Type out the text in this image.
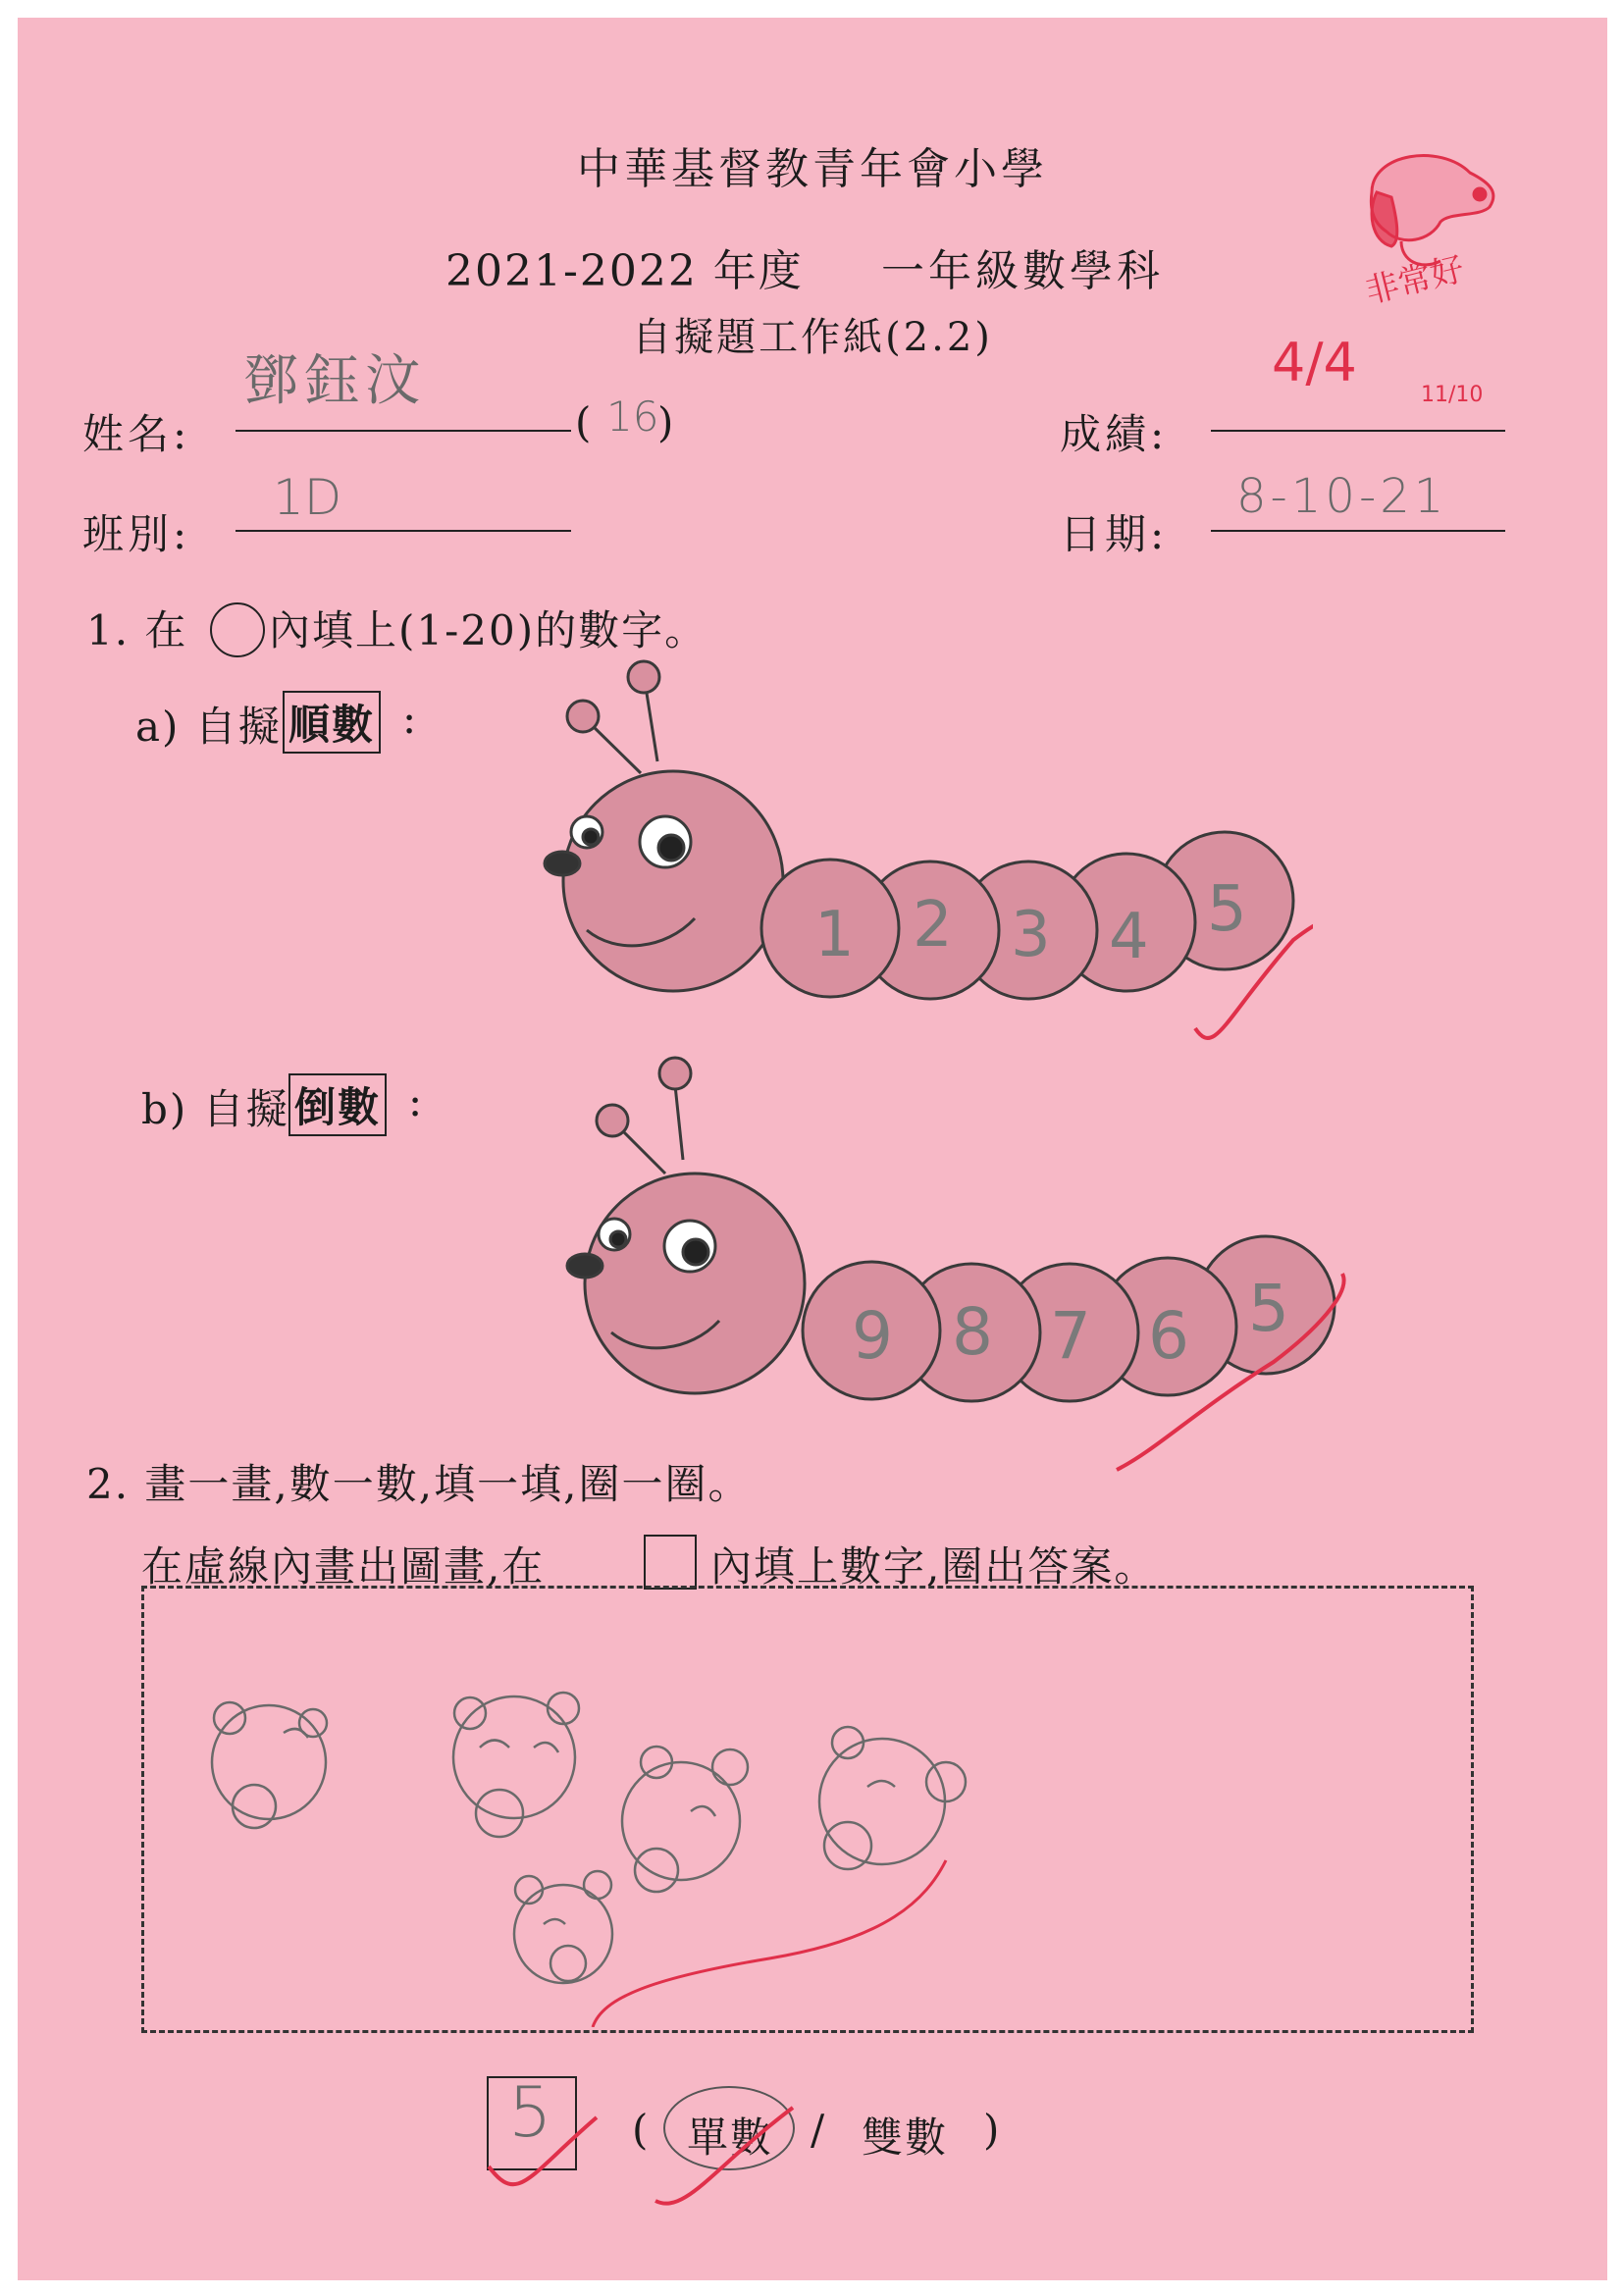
中華基督教青年會小學
2021-2022 年度 一年級數學科
自擬題工作紙(2.2)
非常好
姓名:
鄧鈺汶
( 16
)	成績:
4/4
11/10
班別:
1D
日期:
8-10-21
1. 在 內填上(1-20)的數字。
a) 自擬 順數 :
1 2 3 4 5
b) 自擬 倒數 :
9 8 7 6 5
2. 畫一畫,數一數,填一填,圈一圈。
在虛線內畫出圖畫,在	內填上數字,圈出答案。
5 ( 單數 / 雙數 )
